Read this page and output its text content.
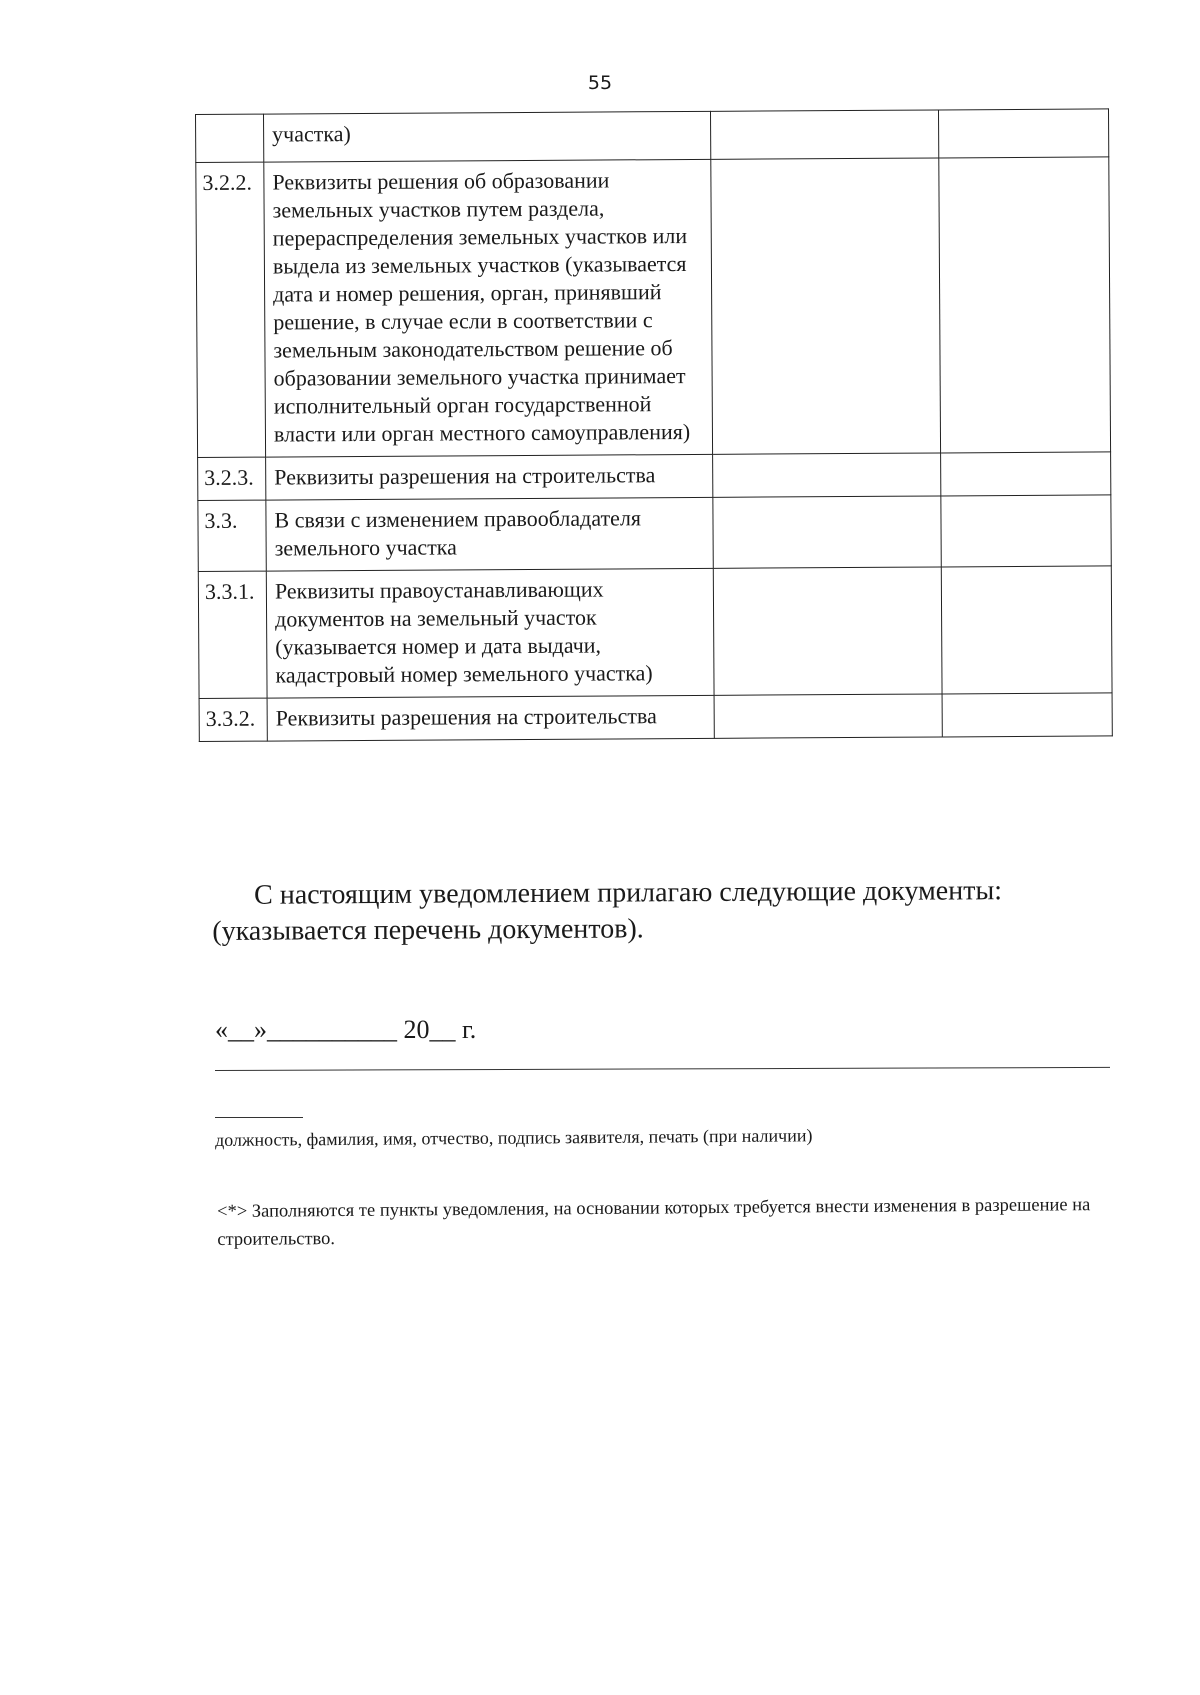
55
	участка)		
3.2.2.	Реквизиты решения об образовании земельных участков путем раздела, перераспределения земельных участков или выдела из земельных участков (указывается дата и номер решения, орган, принявший решение, в случае если в соответствии с земельным законодательством решение об образовании земельного участка принимает исполнительный орган государственной власти или орган местного самоуправления)		
3.2.3.	Реквизиты разрешения на строительства		
3.3.	В связи с изменением правообладателя земельного участка		
3.3.1.	Реквизиты правоустанавливающих документов на земельный участок (указывается номер и дата выдачи, кадастровый номер земельного участка)		
3.3.2.	Реквизиты разрешения на строительства		
С настоящим уведомлением прилагаю следующие документы:
(указывается перечень документов).
«__»__________ 20__ г.
должность, фамилия, имя, отчество, подпись заявителя, печать (при наличии)
<*> Заполняются те пункты уведомления, на основании которых требуется внести изменения в разрешение на строительство.
